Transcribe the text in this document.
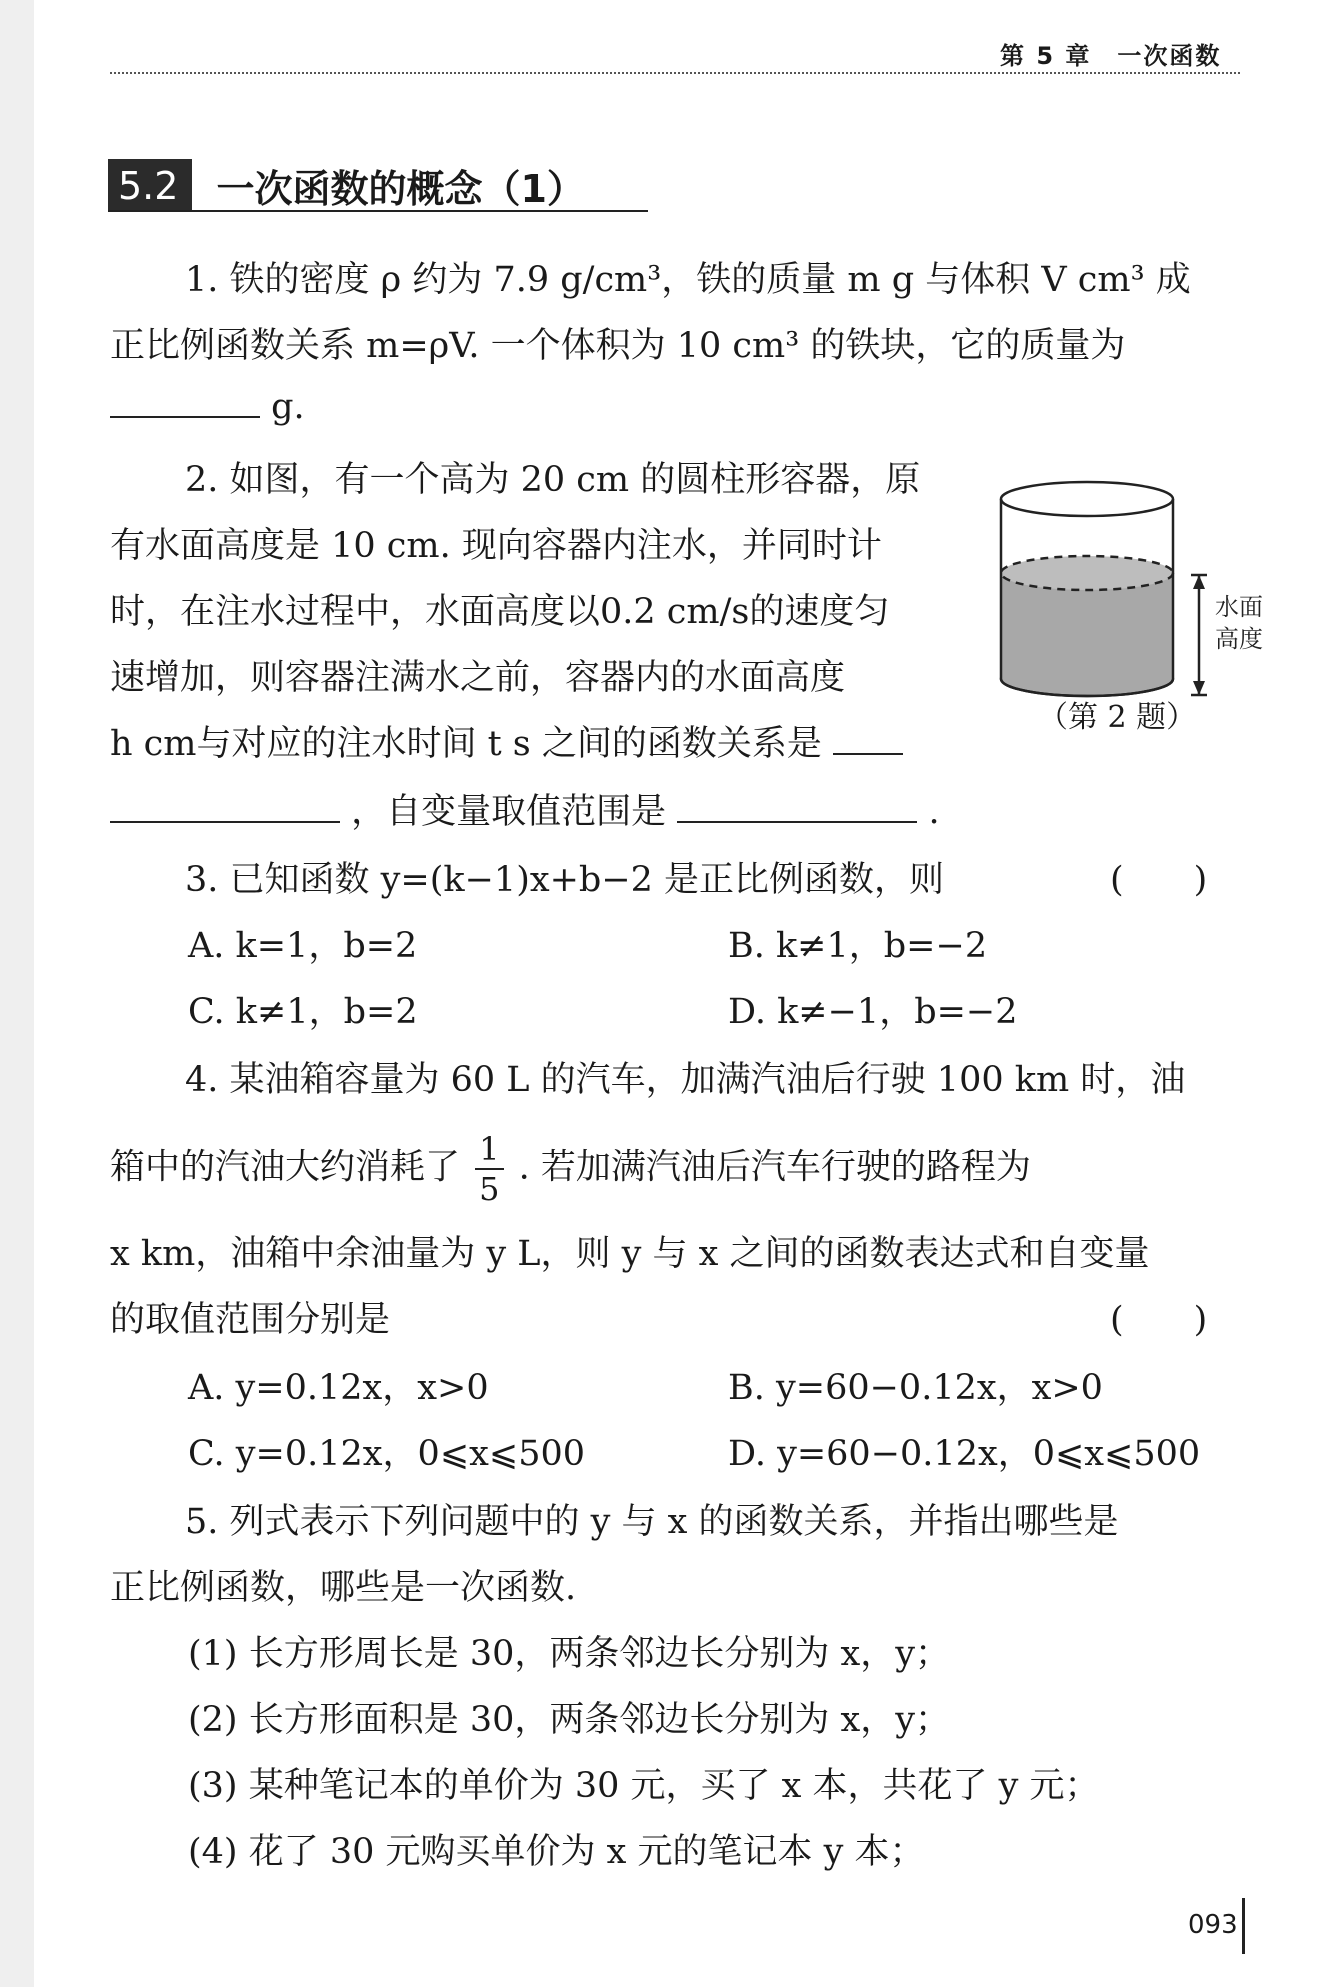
第 5 章　一次函数
5.2	一次函数的概念（1）
1. 铁的密度 ρ 约为 7.9 g/cm³，铁的质量 m g 与体积 V cm³ 成
正比例函数关系 m=ρV. 一个体积为 10 cm³ 的铁块，它的质量为
g.
2. 如图，有一个高为 20 cm 的圆柱形容器，原
有水面高度是 10 cm. 现向容器内注水，并同时计
时，在注水过程中，水面高度以0.2 cm/s的速度匀
速增加，则容器注满水之前，容器内的水面高度
h cm与对应的注水时间 t s 之间的函数关系是
，自变量取值范围是	.
水面
高度
（第 2 题）
3. 已知函数 y=(k−1)x+b−2 是正比例函数，则	(　　)
A. k=1，b=2	B. k≠1，b=−2
C. k≠1，b=2	D. k≠−1，b=−2
4. 某油箱容量为 60 L 的汽车，加满汽油后行驶 100 km 时，油
箱中的汽油大约消耗了 $\frac{1}{5}$ . 若加满汽油后汽车行驶的路程为
x km，油箱中余油量为 y L，则 y 与 x 之间的函数表达式和自变量
的取值范围分别是	(　　)
A. y=0.12x，x>0	B. y=60−0.12x，x>0
C. y=0.12x，0⩽x⩽500	D. y=60−0.12x，0⩽x⩽500
5. 列式表示下列问题中的 y 与 x 的函数关系，并指出哪些是
正比例函数，哪些是一次函数.
(1) 长方形周长是 30，两条邻边长分别为 x，y；
(2) 长方形面积是 30，两条邻边长分别为 x，y；
(3) 某种笔记本的单价为 30 元，买了 x 本，共花了 y 元；
(4) 花了 30 元购买单价为 x 元的笔记本 y 本；
093
